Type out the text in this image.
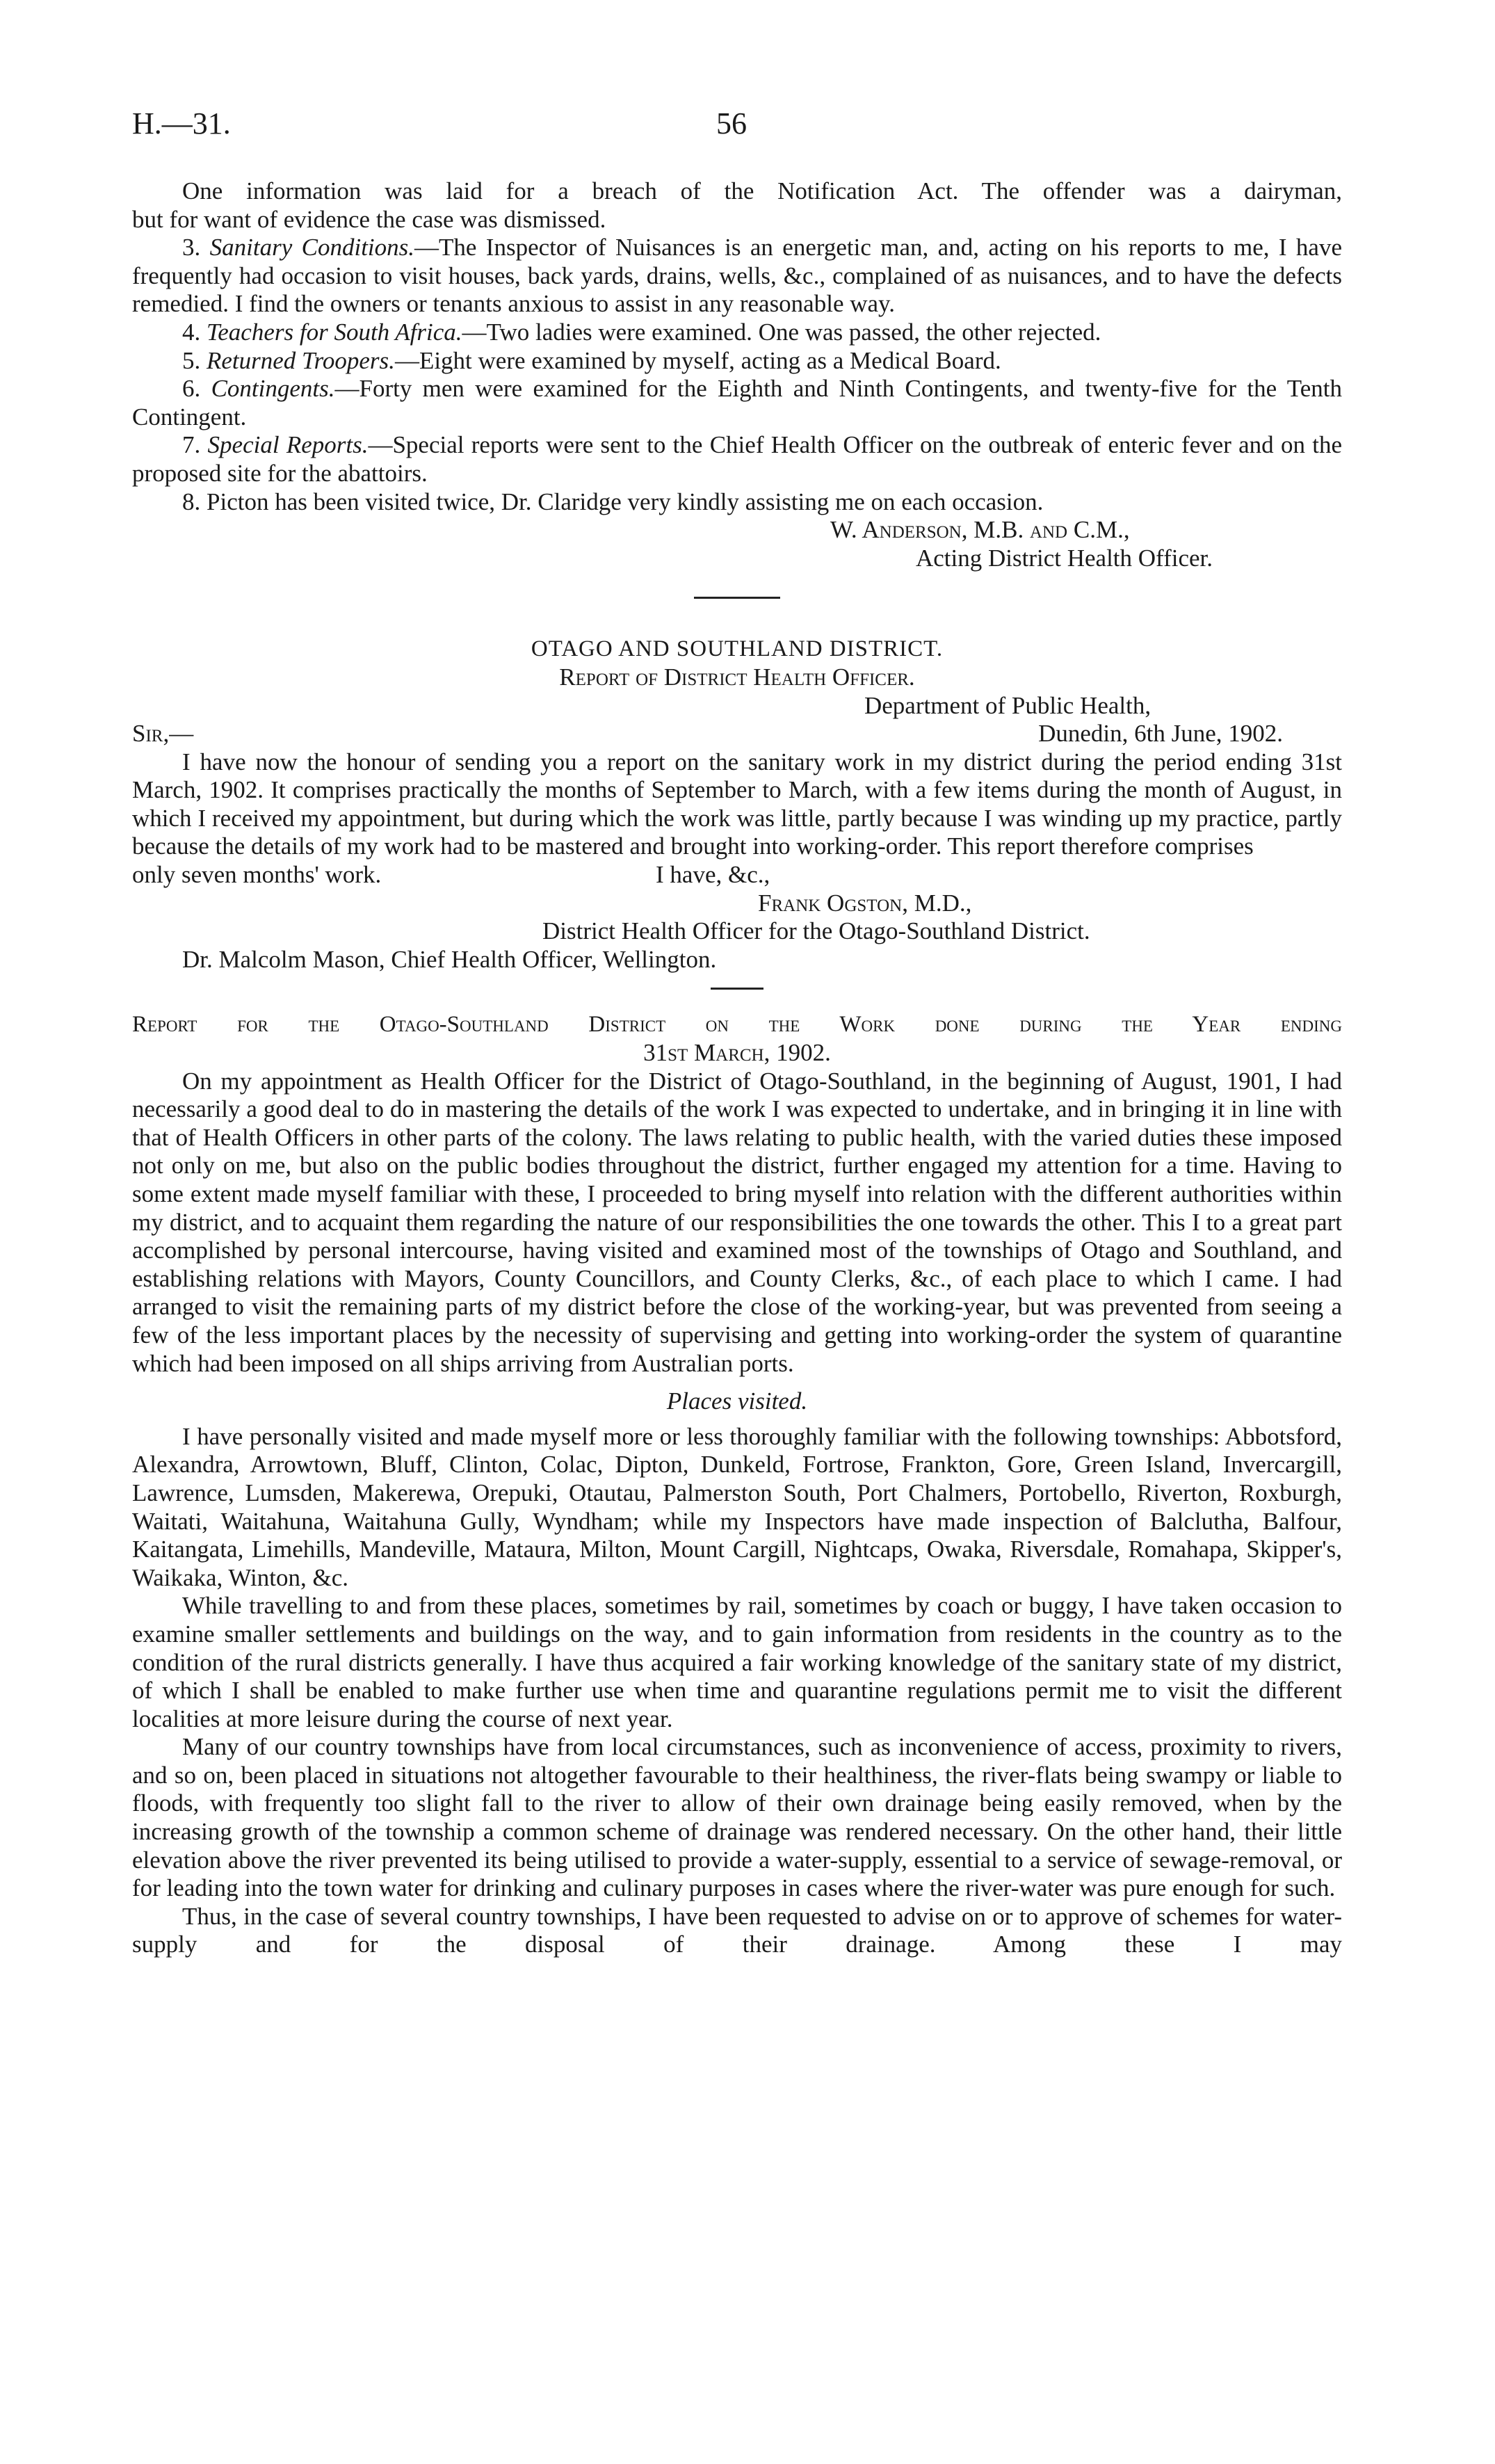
H.—31.	56

One information was laid for a breach of the Notification Act. The offender was a dairyman,

but for want of evidence the case was dismissed.

3. Sanitary Conditions.—The Inspector of Nuisances is an energetic man, and, acting on his reports to me, I have frequently had occasion to visit houses, back yards, drains, wells, &c., complained of as nuisances, and to have the defects remedied. I find the owners or tenants anxious to assist in any reasonable way.

4. Teachers for South Africa.—Two ladies were examined. One was passed, the other rejected.

5. Returned Troopers.—Eight were examined by myself, acting as a Medical Board.

6. Contingents.—Forty men were examined for the Eighth and Ninth Contingents, and twenty-five for the Tenth Contingent.

7. Special Reports.—Special reports were sent to the Chief Health Officer on the outbreak of enteric fever and on the proposed site for the abattoirs.

8. Picton has been visited twice, Dr. Claridge very kindly assisting me on each occasion.

W. Anderson, M.B. and C.M.,

Acting District Health Officer.

OTAGO AND SOUTHLAND DISTRICT.

Report of District Health Officer.

Department of Public Health,

Sir,—	Dunedin, 6th June, 1902.

I have now the honour of sending you a report on the sanitary work in my district during the period ending 31st March, 1902. It comprises practically the months of September to March, with a few items during the month of August, in which I received my appointment, but during which the work was little, partly because I was winding up my practice, partly because the details of my work had to be mastered and brought into working-order. This report therefore comprises

only seven months' work.	I have, &c.,

Frank Ogston, M.D.,

District Health Officer for the Otago-Southland District.

Dr. Malcolm Mason, Chief Health Officer, Wellington.

Report for the Otago-Southland District on the Work done during the Year ending

31st March, 1902.

On my appointment as Health Officer for the District of Otago-Southland, in the beginning of August, 1901, I had necessarily a good deal to do in mastering the details of the work I was expected to undertake, and in bringing it in line with that of Health Officers in other parts of the colony. The laws relating to public health, with the varied duties these imposed not only on me, but also on the public bodies throughout the district, further engaged my attention for a time. Having to some extent made myself familiar with these, I proceeded to bring myself into relation with the different authorities within my district, and to acquaint them regarding the nature of our responsibilities the one towards the other. This I to a great part accomplished by personal intercourse, having visited and examined most of the townships of Otago and Southland, and establishing relations with Mayors, County Councillors, and County Clerks, &c., of each place to which I came. I had arranged to visit the remaining parts of my district before the close of the working-year, but was prevented from seeing a few of the less important places by the necessity of supervising and getting into working-order the system of quarantine which had been imposed on all ships arriving from Australian ports.

Places visited.

I have personally visited and made myself more or less thoroughly familiar with the following townships: Abbotsford, Alexandra, Arrowtown, Bluff, Clinton, Colac, Dipton, Dunkeld, Fortrose, Frankton, Gore, Green Island, Invercargill, Lawrence, Lumsden, Makerewa, Orepuki, Otautau, Palmerston South, Port Chalmers, Portobello, Riverton, Roxburgh, Waitati, Waitahuna, Waitahuna Gully, Wyndham; while my Inspectors have made inspection of Balclutha, Balfour, Kaitangata, Limehills, Mandeville, Mataura, Milton, Mount Cargill, Nightcaps, Owaka, Riversdale, Romahapa, Skipper's, Waikaka, Winton, &c.

While travelling to and from these places, sometimes by rail, sometimes by coach or buggy, I have taken occasion to examine smaller settlements and buildings on the way, and to gain information from residents in the country as to the condition of the rural districts generally. I have thus acquired a fair working knowledge of the sanitary state of my district, of which I shall be enabled to make further use when time and quarantine regulations permit me to visit the different localities at more leisure during the course of next year.

Many of our country townships have from local circumstances, such as inconvenience of access, proximity to rivers, and so on, been placed in situations not altogether favourable to their healthiness, the river-flats being swampy or liable to floods, with frequently too slight fall to the river to allow of their own drainage being easily removed, when by the increasing growth of the township a common scheme of drainage was rendered necessary. On the other hand, their little elevation above the river prevented its being utilised to provide a water-supply, essential to a service of sewage-removal, or for leading into the town water for drinking and culinary purposes in cases where the river-water was pure enough for such.

Thus, in the case of several country townships, I have been requested to advise on or to approve of schemes for water-supply and for the disposal of their drainage. Among these I may
